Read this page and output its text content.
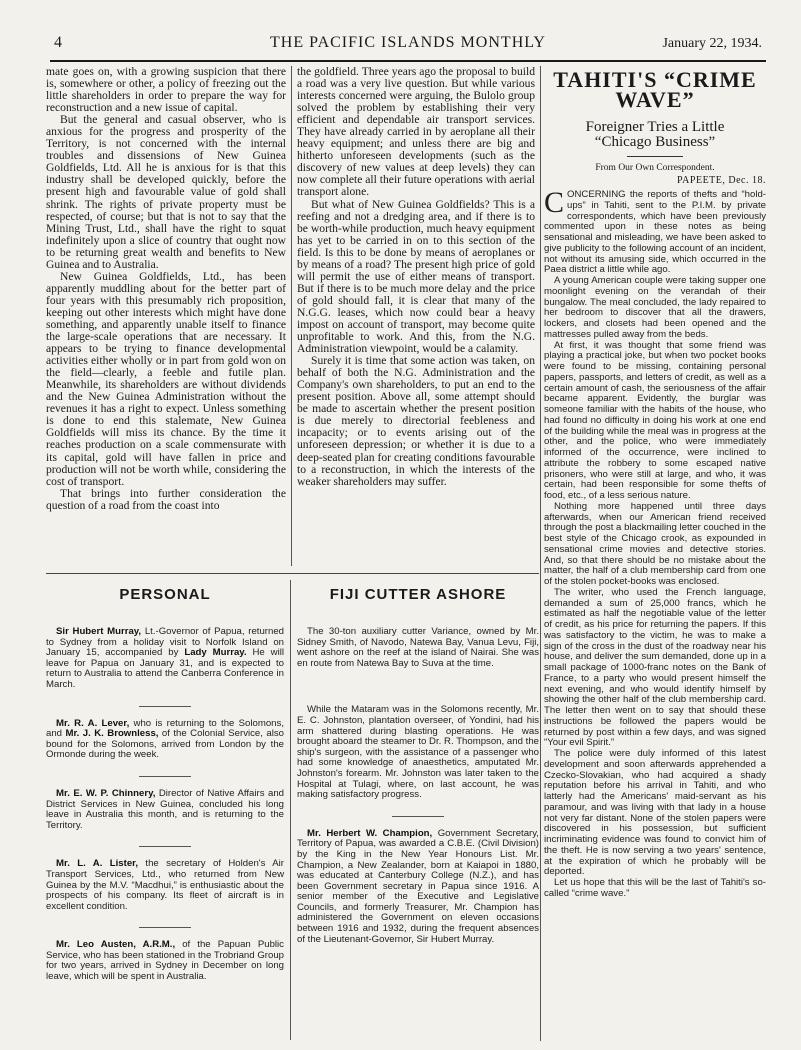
4	THE PACIFIC ISLANDS MONTHLY	January 22, 1934.

mate goes on, with a growing suspicion that there is, somewhere or other, a policy of freezing out the little shareholders in order to prepare the way for reconstruction and a new issue of capital.

But the general and casual observer, who is anxious for the progress and prosperity of the Territory, is not concerned with the internal troubles and dissensions of New Guinea Goldfields, Ltd. All he is anxious for is that this industry shall be developed quickly, before the present high and favourable value of gold shall shrink. The rights of private property must be respected, of course; but that is not to say that the Mining Trust, Ltd., shall have the right to squat indefinitely upon a slice of country that ought now to be returning great wealth and benefits to New Guinea and to Australia.

New Guinea Goldfields, Ltd., has been apparently muddling about for the better part of four years with this presumably rich proposition, keeping out other interests which might have done something, and apparently unable itself to finance the large-scale operations that are necessary. It appears to be trying to finance developmental activities either wholly or in part from gold won on the field—clearly, a feeble and futile plan. Meanwhile, its shareholders are without dividends and the New Guinea Administration without the revenues it has a right to expect. Unless something is done to end this stalemate, New Guinea Goldfields will miss its chance. By the time it reaches production on a scale commensurate with its capital, gold will have fallen in price and production will not be worth while, considering the cost of transport.

That brings into further consideration the question of a road from the coast into

the goldfield. Three years ago the proposal to build a road was a very live question. But while various interests concerned were arguing, the Bulolo group solved the problem by establishing their very efficient and dependable air transport services. They have already carried in by aeroplane all their heavy equipment; and unless there are big and hitherto unforeseen developments (such as the discovery of new values at deep levels) they can now complete all their future operations with aerial transport alone.

But what of New Guinea Goldfields? This is a reefing and not a dredging area, and if there is to be worth-while production, much heavy equipment has yet to be carried in on to this section of the field. Is this to be done by means of aeroplanes or by means of a road? The present high price of gold will permit the use of either means of transport. But if there is to be much more delay and the price of gold should fall, it is clear that many of the N.G.G. leases, which now could bear a heavy impost on account of transport, may become quite unprofitable to work. And this, from the N.G. Administration viewpoint, would be a calamity.

Surely it is time that some action was taken, on behalf of both the N.G. Administration and the Company's own shareholders, to put an end to the present position. Above all, some attempt should be made to ascertain whether the present position is due merely to directorial feebleness and incapacity; or to events arising out of the unforeseen depression; or whether it is due to a deep-seated plan for creating conditions favourable to a reconstruction, in which the interests of the weaker shareholders may suffer.

TAHITI'S “CRIME
WAVE”
Foreigner Tries a Little
“Chicago Business”
From Our Own Correspondent.
PAPEETE, Dec. 18.

CONCERNING the reports of thefts and “hold-ups” in Tahiti, sent to the P.I.M. by private correspondents, which have been previously commented upon in these notes as being sensational and misleading, we have been asked to give publicity to the following account of an incident, not without its amusing side, which occurred in the Paea district a little while ago.

A young American couple were taking supper one moonlight evening on the verandah of their bungalow. The meal concluded, the lady repaired to her bedroom to discover that all the drawers, lockers, and closets had been opened and the mattresses pulled away from the beds.

At first, it was thought that some friend was playing a practical joke, but when two pocket books were found to be missing, containing personal papers, passports, and letters of credit, as well as a certain amount of cash, the seriousness of the affair became apparent. Evidently, the burglar was someone familiar with the habits of the house, who had found no difficulty in doing his work at one end of the building while the meal was in progress at the other, and the police, who were immediately informed of the occurrence, were inclined to attribute the robbery to some escaped native prisoners, who were still at large, and who, it was certain, had been responsible for some thefts of food, etc., of a less serious nature.

Nothing more happened until three days afterwards, when our American friend received through the post a blackmailing letter couched in the best style of the Chicago crook, as expounded in sensational crime movies and detective stories. And, so that there should be no mistake about the matter, the half of a club membership card from one of the stolen pocket-books was enclosed.

The writer, who used the French language, demanded a sum of 25,000 francs, which he estimated as half the negotiable value of the letter of credit, as his price for returning the papers. If this was satisfactory to the victim, he was to make a sign of the cross in the dust of the roadway near his house, and deliver the sum demanded, done up in a small package of 1000-franc notes on the Bank of France, to a party who would present himself the next evening, and who would identify himself by showing the other half of the club membership card. The letter then went on to say that should these instructions be followed the papers would be returned by post within a few days, and was signed “Your evil Spirit.”

The police were duly informed of this latest development and soon afterwards apprehended a Czecko-Slovakian, who had acquired a shady reputation before his arrival in Tahiti, and who latterly had the Americans' maid-servant as his paramour, and was living with that lady in a house not very far distant. None of the stolen papers were discovered in his possession, but sufficient incriminating evidence was found to convict him of the theft. He is now serving a two years' sentence, at the expiration of which he probably will be deported.

Let us hope that this will be the last of Tahiti's so-called “crime wave.”

PERSONAL

Sir Hubert Murray, Lt.-Governor of Papua, returned to Sydney from a holiday visit to Norfolk Island on January 15, accompanied by Lady Murray. He will leave for Papua on January 31, and is expected to return to Australia to attend the Canberra Conference in March.

Mr. R. A. Lever, who is returning to the Solomons, and Mr. J. K. Brownless, of the Colonial Service, also bound for the Solomons, arrived from London by the Ormonde during the week.

Mr. E. W. P. Chinnery, Director of Native Affairs and District Services in New Guinea, concluded his long leave in Australia this month, and is returning to the Territory.

Mr. L. A. Lister, the secretary of Holden's Air Transport Services, Ltd., who returned from New Guinea by the M.V. “Macdhui,” is enthusiastic about the prospects of his company. Its fleet of aircraft is in excellent condition.

Mr. Leo Austen, A.R.M., of the Papuan Public Service, who has been stationed in the Trobriand Group for two years, arrived in Sydney in December on long leave, which will be spent in Australia.

FIJI CUTTER ASHORE

The 30-ton auxiliary cutter Variance, owned by Mr. Sidney Smith, of Navodo, Natewa Bay, Vanua Levu, Fiji, went ashore on the reef at the island of Nairai. She was en route from Natewa Bay to Suva at the time.

While the Mataram was in the Solomons recently, Mr. E. C. Johnston, plantation overseer, of Yondini, had his arm shattered during blasting operations. He was brought aboard the steamer to Dr. R. Thompson, and the ship's surgeon, with the assistance of a passenger who had some knowledge of anaesthetics, amputated Mr. Johnston's forearm. Mr. Johnston was later taken to the Hospital at Tulagi, where, on last account, he was making satisfactory progress.

Mr. Herbert W. Champion, Government Secretary, Territory of Papua, was awarded a C.B.E. (Civil Division) by the King in the New Year Honours List. Mr. Champion, a New Zealander, born at Kaiapoi in 1880, was educated at Canterbury College (N.Z.), and has been Government secretary in Papua since 1916. A senior member of the Executive and Legislative Councils, and formerly Treasurer, Mr. Champion has administered the Government on eleven occasions between 1916 and 1932, during the frequent absences of the Lieutenant-Governor, Sir Hubert Murray.
